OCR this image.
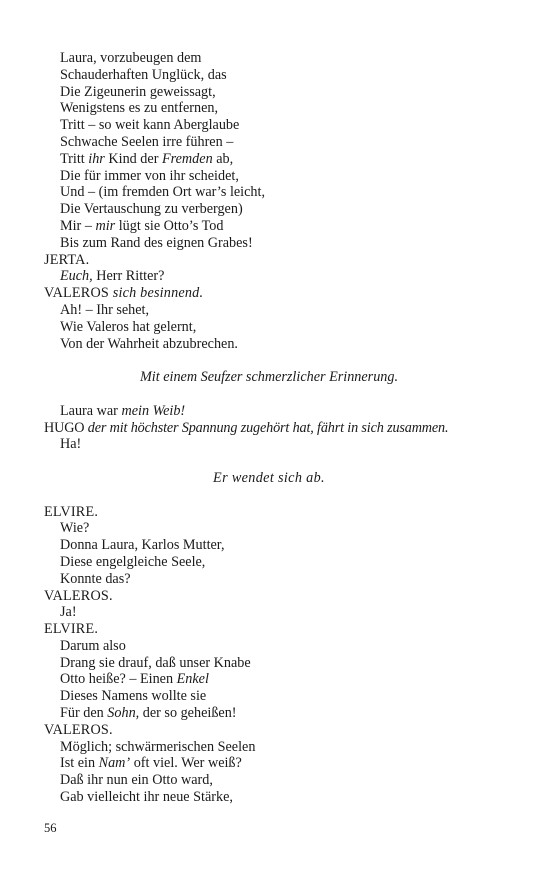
Laura, vorzubeugen dem
Schauderhaften Unglück, das
Die Zigeunerin geweissagt,
Wenigstens es zu entfernen,
Tritt – so weit kann Aberglaube
Schwache Seelen irre führen –
Tritt ihr Kind der Fremden ab,
Die für immer von ihr scheidet,
Und – (im fremden Ort war’s leicht,
Die Vertauschung zu verbergen)
Mir – mir lügt sie Otto’s Tod
Bis zum Rand des eignen Grabes!
JERTA.
Euch, Herr Ritter?
VALEROS sich besinnend.
Ah! – Ihr sehet,
Wie Valeros hat gelernt,
Von der Wahrheit abzubrechen.
Mit einem Seufzer schmerzlicher Erinnerung.
Laura war mein Weib!
HUGO der mit höchster Spannung zugehört hat, fährt in sich zusammen.
Ha!
Er wendet sich ab.
ELVIRE.
Wie?
Donna Laura, Karlos Mutter,
Diese engelgleiche Seele,
Konnte das?
VALEROS.
Ja!
ELVIRE.
Darum also
Drang sie drauf, daß unser Knabe
Otto heiße? – Einen Enkel
Dieses Namens wollte sie
Für den Sohn, der so geheißen!
VALEROS.
Möglich; schwärmerischen Seelen
Ist ein Nam’ oft viel. Wer weiß?
Daß ihr nun ein Otto ward,
Gab vielleicht ihr neue Stärke,
56
